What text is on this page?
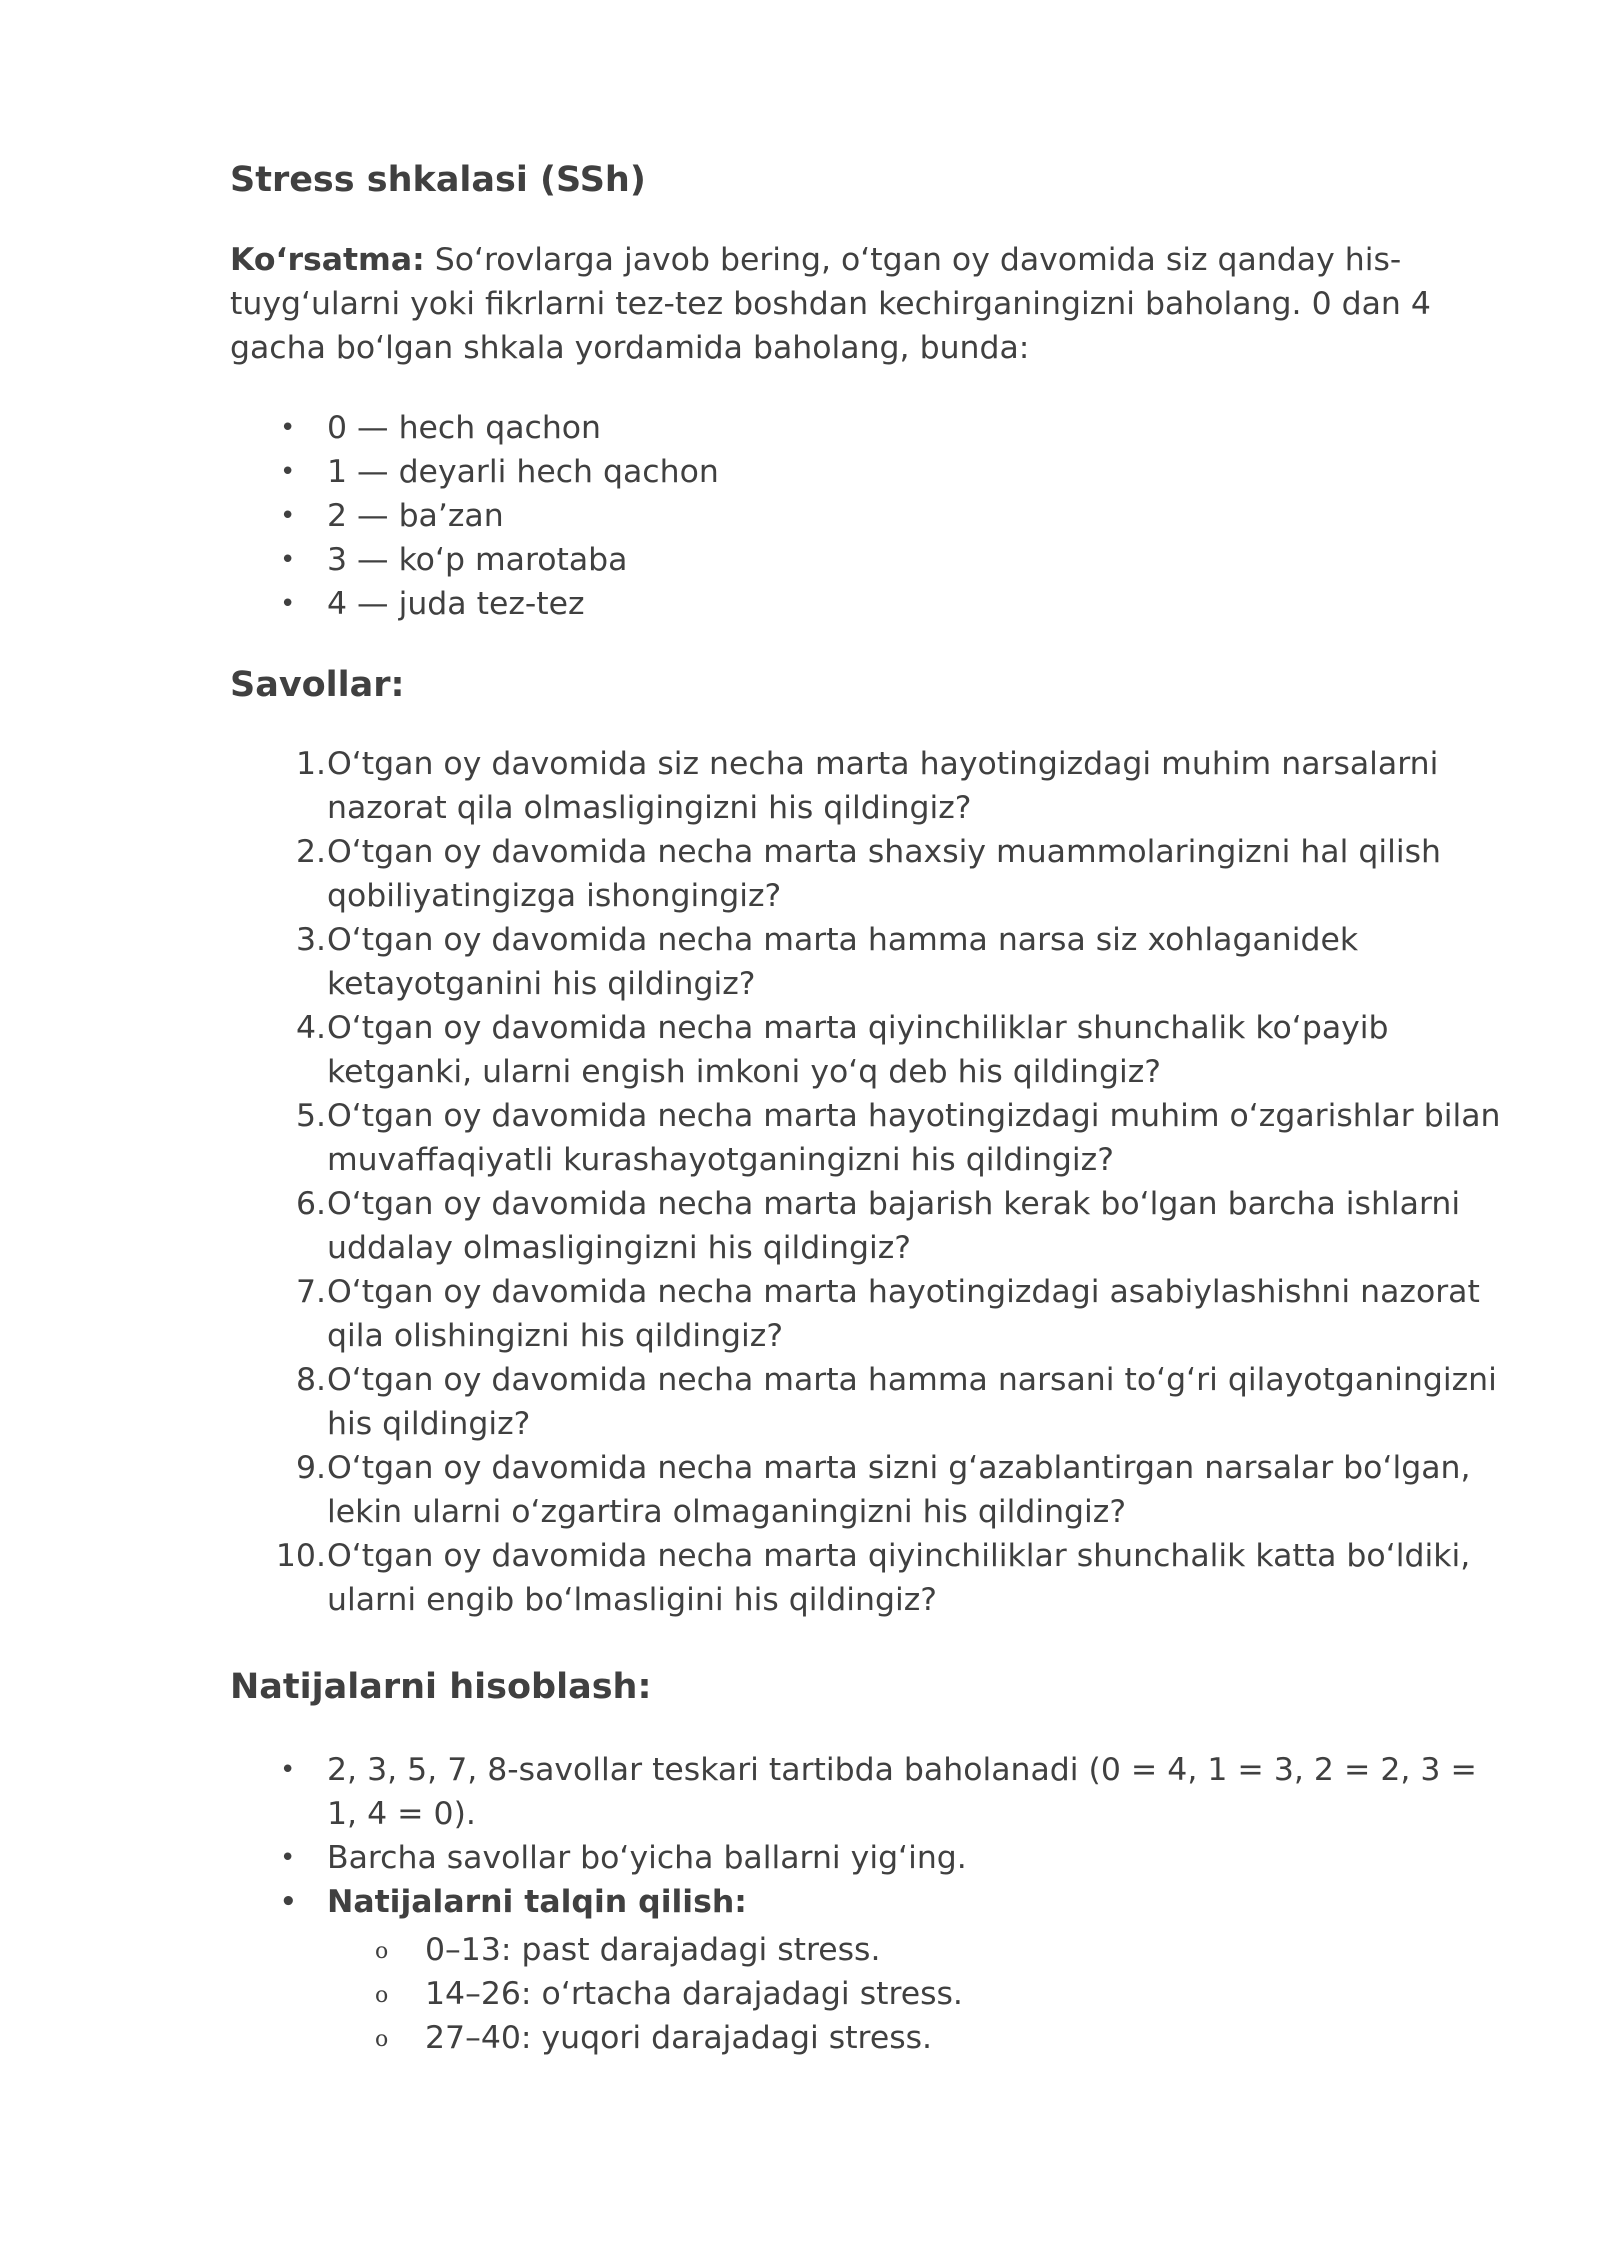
Stress shkalasi (SSh)

Koʻrsatma: Soʻrovlarga javob bering, oʻtgan oy davomida siz qanday his-tuygʻularni yoki fikrlarni tez-tez boshdan kechirganingizni baholang. 0 dan 4 gacha boʻlgan shkala yordamida baholang, bunda:

• 0 — hech qachon
• 1 — deyarli hech qachon
• 2 — baʼzan
• 3 — koʻp marotaba
• 4 — juda tez-tez
Savollar:
1. Oʻtgan oy davomida siz necha marta hayotingizdagi muhim narsalarni nazorat qila olmasligingizni his qildingiz?
2. Oʻtgan oy davomida necha marta shaxsiy muammolaringizni hal qilish qobiliyatingizga ishongingiz?
3. Oʻtgan oy davomida necha marta hamma narsa siz xohlaganidek ketayotganini his qildingiz?
4. Oʻtgan oy davomida necha marta qiyinchiliklar shunchalik koʻpayib ketganki, ularni engish imkoni yoʻq deb his qildingiz?
5. Oʻtgan oy davomida necha marta hayotingizdagi muhim oʻzgarishlar bilan muvaffaqiyatli kurashayotganingizni his qildingiz?
6. Oʻtgan oy davomida necha marta bajarish kerak boʻlgan barcha ishlarni uddalay olmasligingizni his qildingiz?
7. Oʻtgan oy davomida necha marta hayotingizdagi asabiylashishni nazorat qila olishingizni his qildingiz?
8. Oʻtgan oy davomida necha marta hamma narsani toʻgʻri qilayotganingizni his qildingiz?
9. Oʻtgan oy davomida necha marta sizni gʻazablantirgan narsalar boʻlgan, lekin ularni oʻzgartira olmaganingizni his qildingiz?
10. Oʻtgan oy davomida necha marta qiyinchiliklar shunchalik katta boʻldiki, ularni engib boʻlmasligini his qildingiz?
Natijalarni hisoblash:
• 2, 3, 5, 7, 8-savollar teskari tartibda baholanadi (0 = 4, 1 = 3, 2 = 2, 3 = 1, 4 = 0).
• Barcha savollar boʻyicha ballarni yigʻing.
• Natijalarni talqin qilish:
o 0–13: past darajadagi stress.
o 14–26: oʻrtacha darajadagi stress.
o 27–40: yuqori darajadagi stress.
